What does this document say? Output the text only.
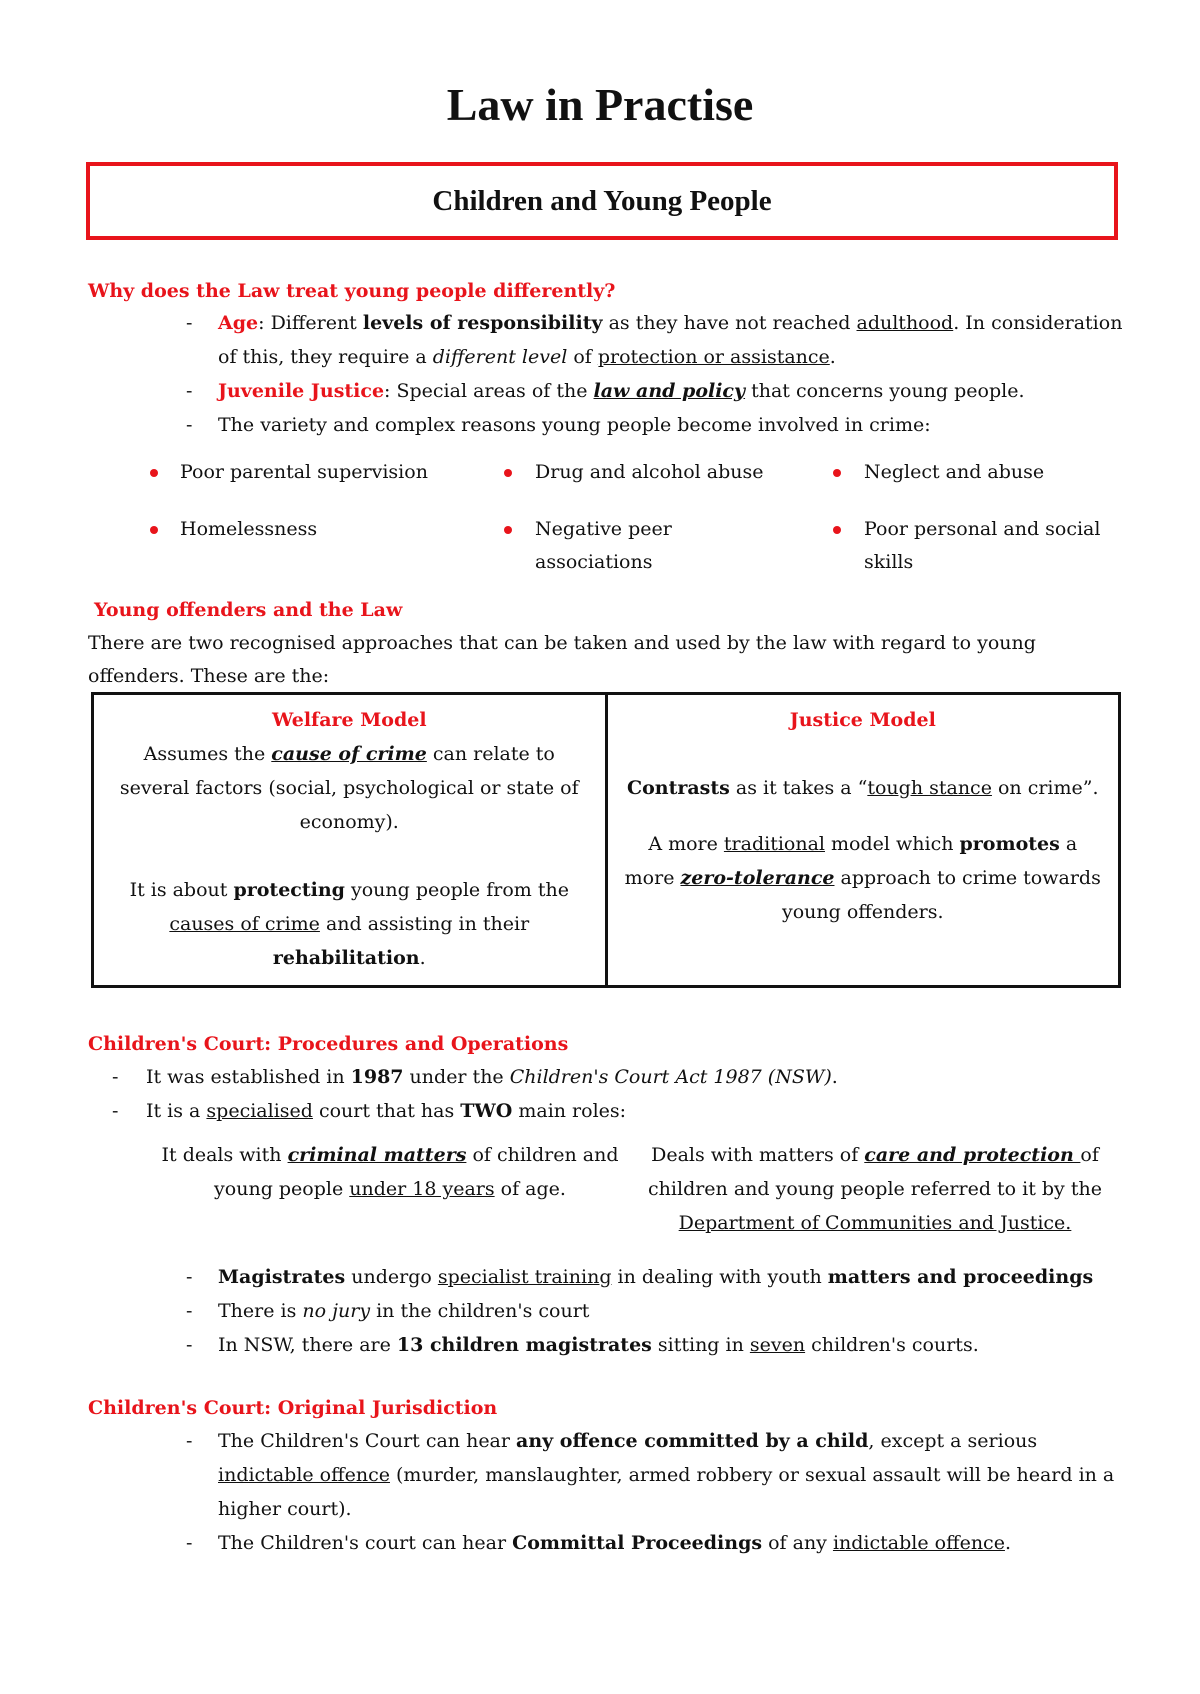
Law in Practise
Children and Young People
Why does the Law treat young people differently?
- Age: Different levels of responsibility as they have not reached adulthood. In consideration
of this, they require a different level of protection or assistance.
- Juvenile Justice: Special areas of the law and policy that concerns young people.
- The variety and complex reasons young people become involved in crime:
Poor parental supervision	Drug and alcohol abuse	Neglect and abuse
Homelessness	Negative peer
associations
Poor personal and social
skills
Young offenders and the Law
There are two recognised approaches that can be taken and used by the law with regard to young
offenders. These are the:
Welfare Model
Assumes the cause of crime can relate to several factors (social, psychological or state of economy).
It is about protecting young people from the causes of crime and assisting in their rehabilitation.

Justice Model
Contrasts as it takes a “tough stance on crime”.
A more traditional model which promotes a more zero-tolerance approach to crime towards young offenders.
Children's Court: Procedures and Operations
- It was established in 1987 under the Children's Court Act 1987 (NSW).
- It is a specialised court that has TWO main roles:
It deals with criminal matters of children and young people under 18 years of age.
Deals with matters of care and protection of children and young people referred to it by the Department of Communities and Justice.
- Magistrates undergo specialist training in dealing with youth matters and proceedings
- There is no jury in the children's court
- In NSW, there are 13 children magistrates sitting in seven children's courts.
Children's Court: Original Jurisdiction
- The Children's Court can hear any offence committed by a child, except a serious
indictable offence (murder, manslaughter, armed robbery or sexual assault will be heard in a
higher court).
- The Children's court can hear Committal Proceedings of any indictable offence.
